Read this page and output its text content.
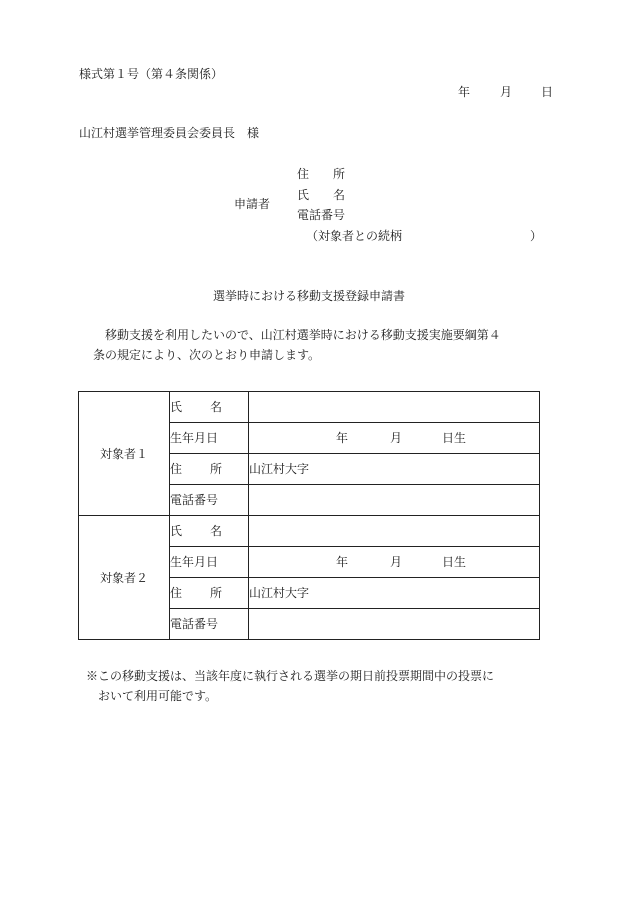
様式第１号（第４条関係）
年 月 日
山江村選挙管理委員会委員長　様
申請者
住　　所
氏　　名
電話番号
（対象者との続柄	）
選挙時における移動支援登録申請書
移動支援を利用したいので、山江村選挙時における移動支援実施要綱第４
条の規定により、次のとおり申請します。
対象者１	氏 名	

	生年月日	年 月 日生

	住 所	山江村大字
	電話番号	
対象者２	氏 名	

	生年月日	年 月 日生

	住 所	山江村大字
	電話番号	
※この移動支援は、当該年度に執行される選挙の期日前投票期間中の投票に
おいて利用可能です。
